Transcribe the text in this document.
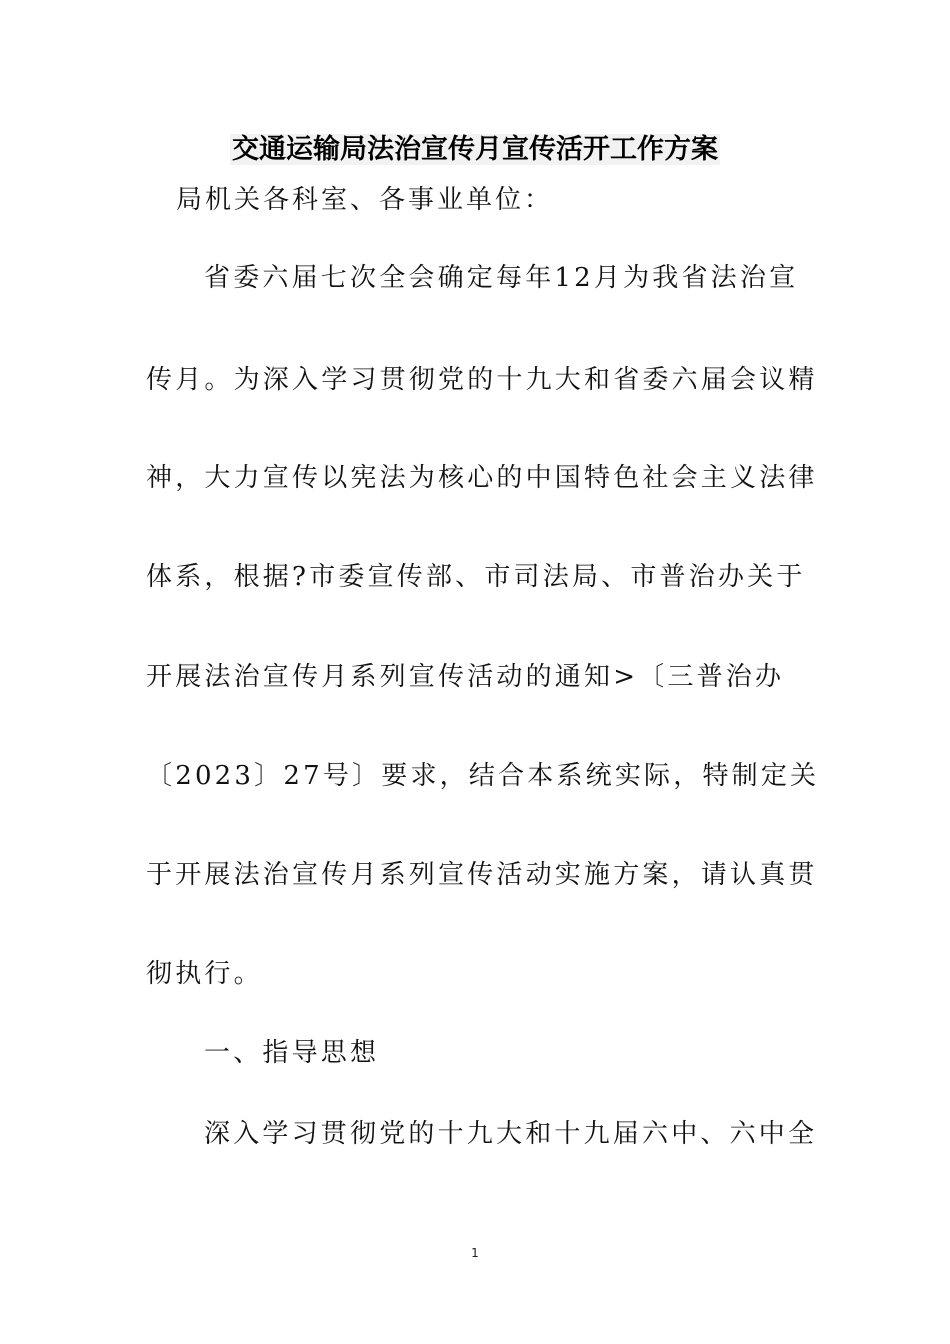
交通运输局法治宣传月宣传活开工作方案
局机关各科室、各事业单位：
省委六届七次全会确定每年12月为我省法治宣
传月。为深入学习贯彻党的十九大和省委六届会议精
神，大力宣传以宪法为核心的中国特色社会主义法律
体系，根据?市委宣传部、市司法局、市普治办关于
开展法治宣传月系列宣传活动的通知>〔三普治办
〔2023〕27号〕要求，结合本系统实际，特制定关
于开展法治宣传月系列宣传活动实施方案，请认真贯
彻执行。
一、指导思想
深入学习贯彻党的十九大和十九届六中、六中全
1
